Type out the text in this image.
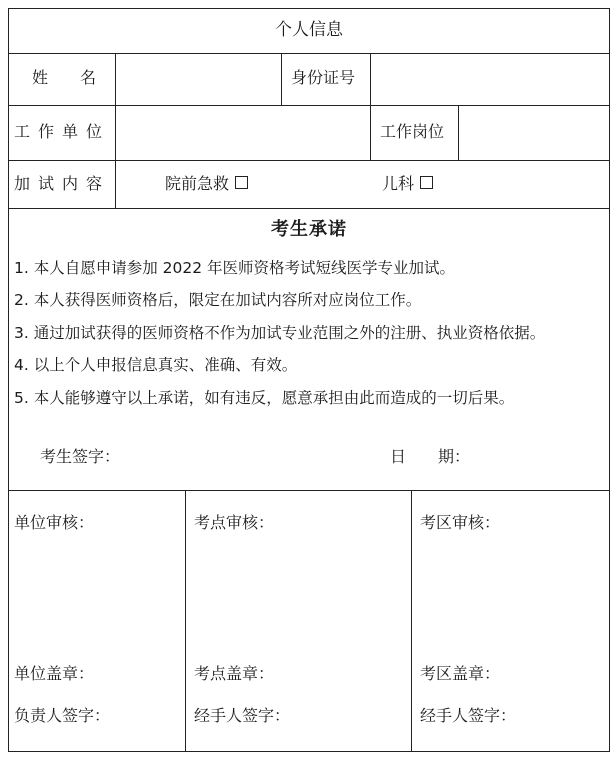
个人信息
姓　　名	身份证号
工作单位	工作岗位
加试内容	院前急救	儿科
考生承诺
1. 本人自愿申请参加 2022 年医师资格考试短线医学专业加试。
2. 本人获得医师资格后，限定在加试内容所对应岗位工作。
3. 通过加试获得的医师资格不作为加试专业范围之外的注册、执业资格依据。
4. 以上个人申报信息真实、准确、有效。
5. 本人能够遵守以上承诺，如有违反，愿意承担由此而造成的一切后果。
考生签字：	日　　期：
单位审核：	考点审核：	考区审核：
单位盖章：	考点盖章：	考区盖章：
负责人签字：	经手人签字：	经手人签字：
